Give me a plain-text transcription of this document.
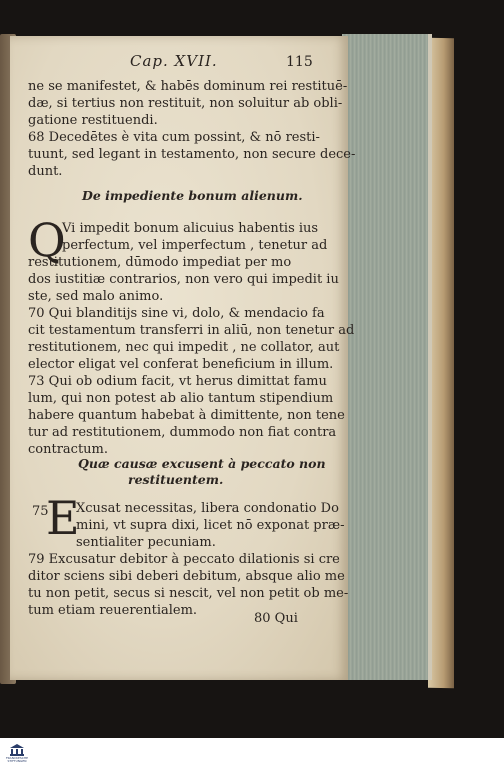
Cap. XVII.	115
ne se manifestet, & habēs dominum rei restituē-
dæ, si tertius non restituit, non soluitur ab obli-
gatione restituendi.
68 Decedētes è vita cum possint, & nō resti-
tuunt, sed legant in testamento, non secure dece-
dunt.
De impediente bonum alienum.
Q
Vi impedit bonum alicuius habentis ius
perfectum, vel imperfectum , tenetur ad
restitutionem, dūmodo impediat per mo
dos iustitiæ contrarios, non vero qui impedit iu
ste, sed malo animo.
70 Qui blanditijs sine vi, dolo, & mendacio fa
cit testamentum transferri in aliū, non tenetur ad
restitutionem, nec qui impedit , ne collator, aut
elector eligat vel conferat beneficium in illum.
73 Qui ob odium facit, vt herus dimittat famu
lum, qui non potest ab alio tantum stipendium
habere quantum habebat à dimittente, non tene
tur ad restitutionem, dummodo non fiat contra
contractum.
Quæ causæ excusent à peccato non
restituentem.
75
E
Xcusat necessitas, libera condonatio Do
mini, vt supra dixi, licet nō exponat præ-
sentialiter pecuniam.
79 Excusatur debitor à peccato dilationis si cre
ditor sciens sibi deberi debitum, absque alio me
tu non petit, secus si nescit, vel non petit ob me-
tum etiam reuerentialem.
80 Qui
FRANCKESCHE
STIFTUNGEN
